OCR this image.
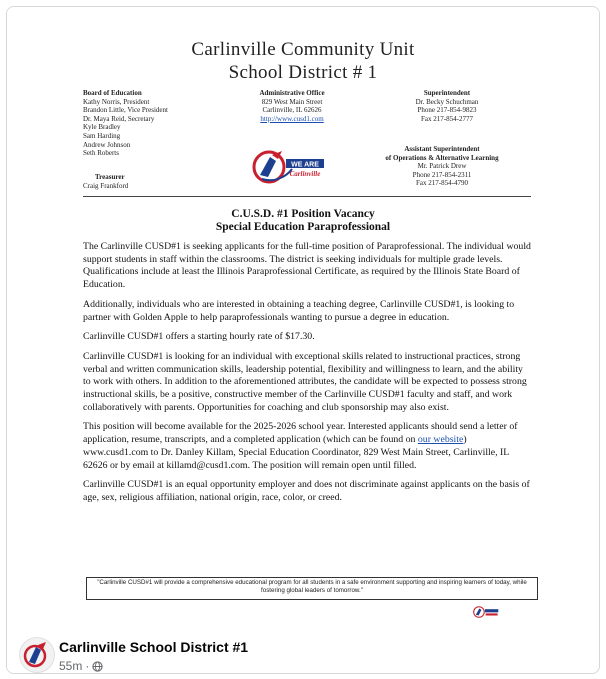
Carlinville Community Unit
School District # 1
Board of Education
Kathy Norris, President
Brandon Little, Vice President
Dr. Maya Reid, Secretary
Kyle Bradley
Sam Harding
Andrew Johnson
Seth Roberts
Treasurer
Craig Frankford
Administrative Office
829 West Main Street
Carlinville, IL 62626
http://www.cusd1.com
Superintendent
Dr. Becky Schuchman
Phone 217-854-9823
Fax 217-854-2777
Assistant Superintendent
of Operations & Alternative Learning
Mr. Patrick Drew
Phone 217-854-2311
Fax 217-854-4790
WE ARE
Carlinville
C.U.S.D. #1 Position Vacancy
Special Education Paraprofessional

The Carlinville CUSD#1 is seeking applicants for the full-time position of Paraprofessional. The individual would support students in staff within the classrooms. The district is seeking individuals for multiple grade levels. Qualifications include at least the Illinois Paraprofessional Certificate, as required by the Illinois State Board of Education.

Additionally, individuals who are interested in obtaining a teaching degree, Carlinville CUSD#1, is looking to partner with Golden Apple to help paraprofessionals wanting to pursue a degree in education.

Carlinville CUSD#1 offers a starting hourly rate of $17.30.

Carlinville CUSD#1 is looking for an individual with exceptional skills related to instructional practices, strong verbal and written communication skills, leadership potential, flexibility and willingness to learn, and the ability to work with others. In addition to the aforementioned attributes, the candidate will be expected to possess strong instructional skills, be a positive, constructive member of the Carlinville CUSD#1 faculty and staff, and work collaboratively with parents. Opportunities for coaching and club sponsorship may also exist.

This position will become available for the 2025-2026 school year. Interested applicants should send a letter of application, resume, transcripts, and a completed application (which can be found on our website) www.cusd1.com to Dr. Danley Killam, Special Education Coordinator, 829 West Main Street, Carlinville, IL 62626 or by email at killamd@cusd1.com. The position will remain open until filled.

Carlinville CUSD#1 is an equal opportunity employer and does not discriminate against applicants on the basis of age, sex, religious affiliation, national origin, race, color, or creed.

"Carlinville CUSD#1 will provide a comprehensive educational program for all students in a safe environment supporting and inspiring learners of today, while fostering global leaders of tomorrow."
Carlinville School District #1
55m ·
